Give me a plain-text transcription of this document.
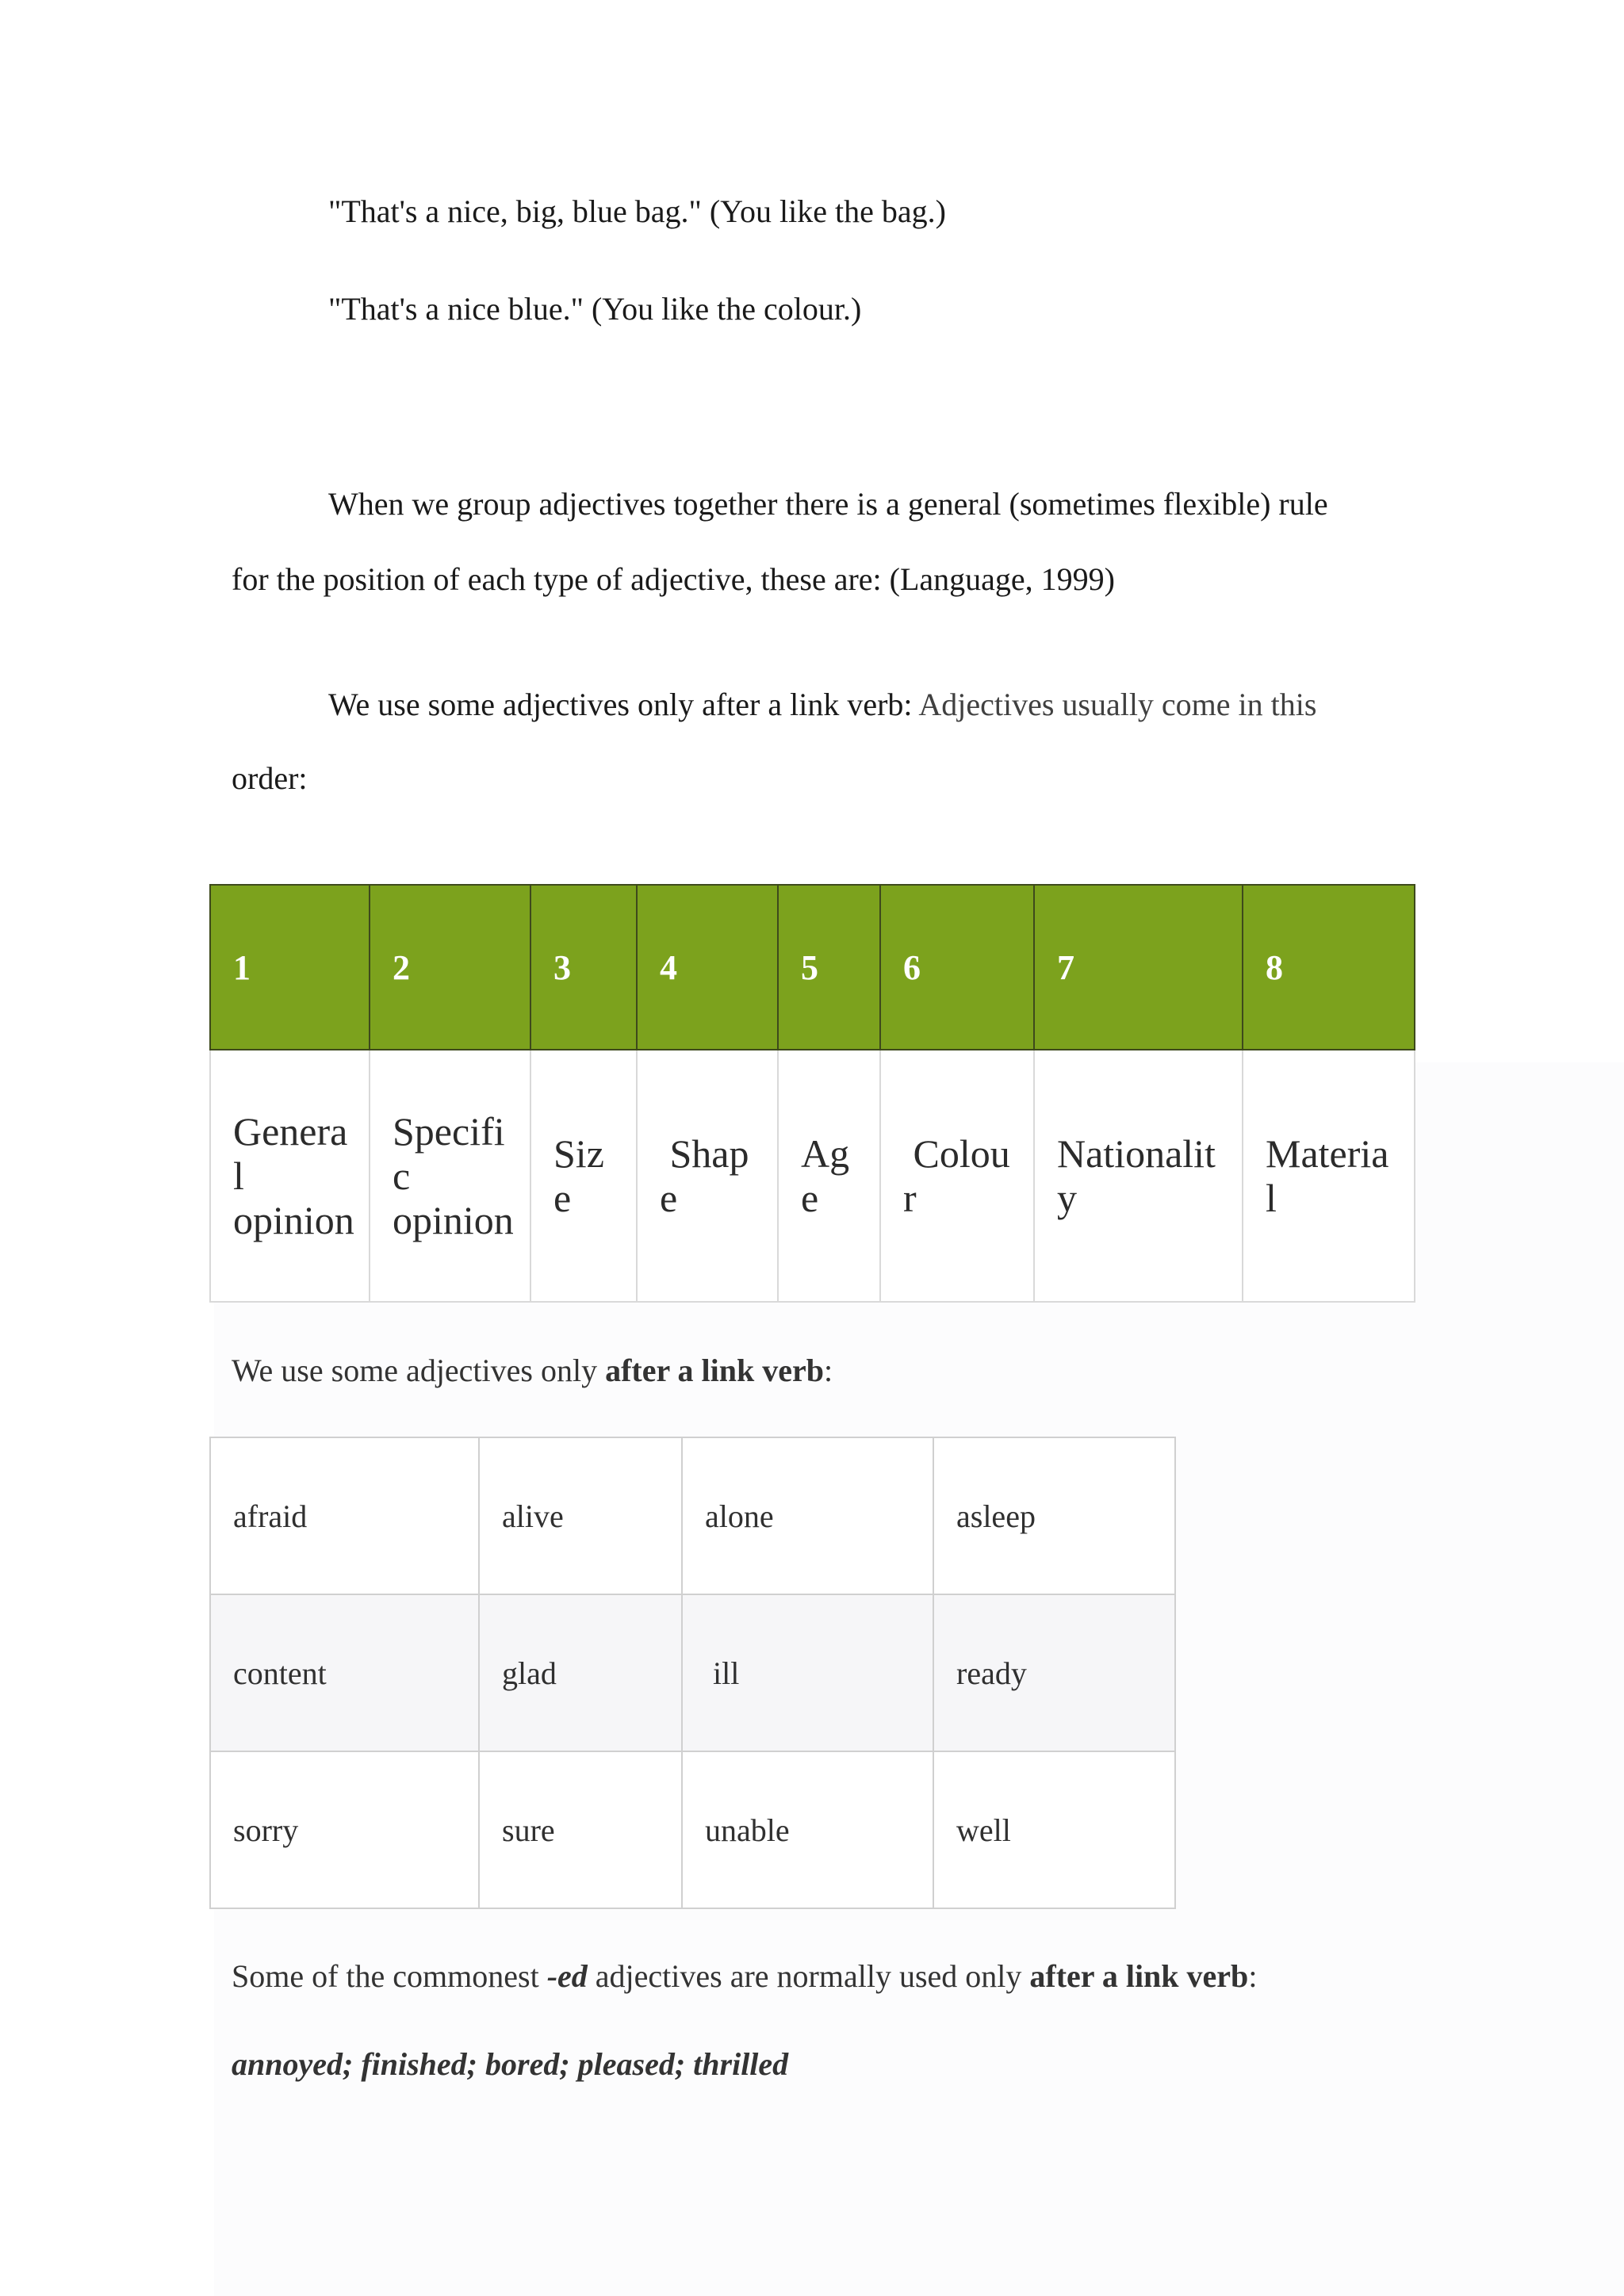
"That's a nice, big, blue bag." (You like the bag.)
"That's a nice blue." (You like the colour.)
When we group adjectives together there is a general (sometimes flexible) rule
for the position of each type of adjective, these are: (Language, 1999)
We use some adjectives only after a link verb: Adjectives usually come in this
order:
1	2	3	4	5	6	7	8
Genera
l
opinion	Specifi
c
opinion	Siz
e	Shap
e	Ag
e	Colou
r	Nationalit
y	Materia
l
We use some adjectives only after a link verb:
afraid	alive	alone	asleep
content	glad	ill	ready
sorry	sure	unable	well
Some of the commonest -ed adjectives are normally used only after a link verb:
annoyed; finished; bored; pleased; thrilled
